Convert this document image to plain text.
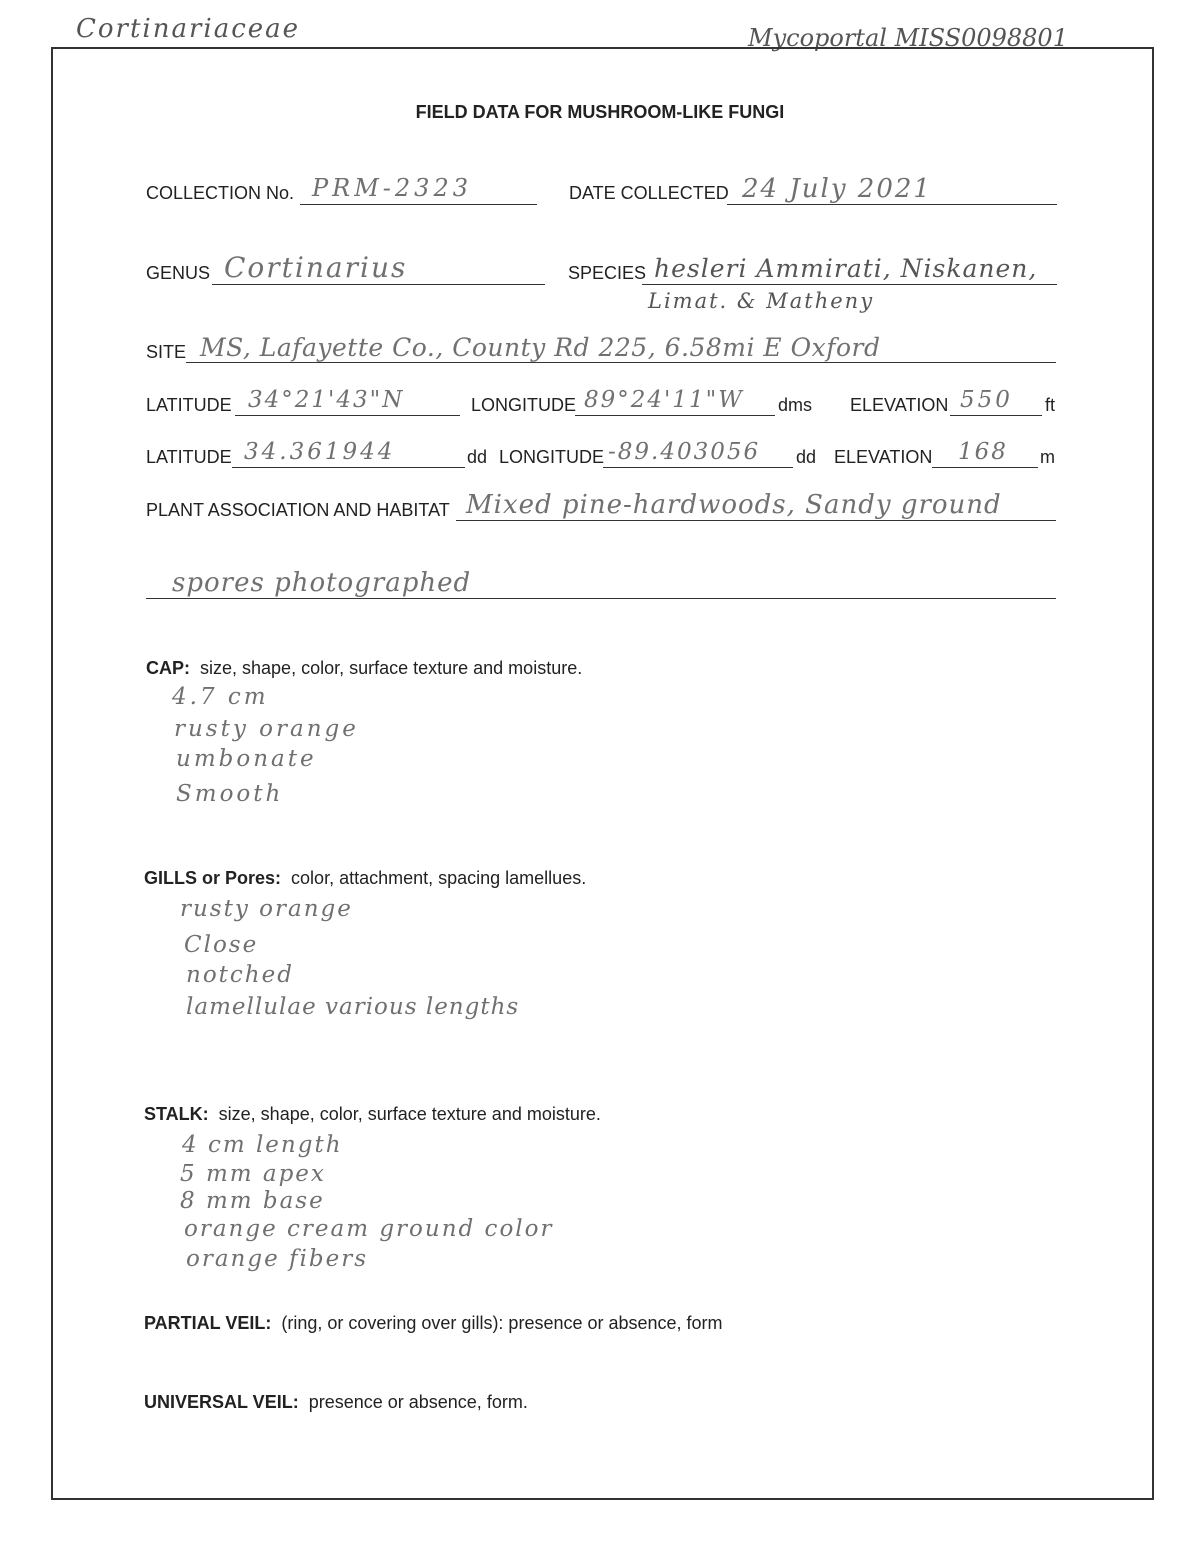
Cortinariaceae	Mycoportal MISS0098801
FIELD DATA FOR MUSHROOM-LIKE FUNGI
COLLECTION No. PRM-2323	DATE COLLECTED 24 July 2021
GENUS Cortinarius	SPECIES hesleri Ammirati, Niskanen,
Limat. & Matheny
SITE MS, Lafayette Co., County Rd 225, 6.58mi E Oxford
LATITUDE 34°21'43"N	LONGITUDE 89°24'11"W dms ELEVATION 550 ft
LATITUDE 34.361944	dd LONGITUDE -89.403056 dd ELEVATION 168 m
PLANT ASSOCIATION AND HABITAT Mixed pine-hardwoods, Sandy ground
spores photographed
CAP: size, shape, color, surface texture and moisture.
4.7 cm
rusty orange
umbonate
Smooth
GILLS or Pores: color, attachment, spacing lamellues.
rusty orange
Close
notched
lamellulae various lengths
STALK: size, shape, color, surface texture and moisture.
4 cm length
5 mm apex
8 mm base
orange cream ground color
orange fibers
PARTIAL VEIL: (ring, or covering over gills): presence or absence, form
UNIVERSAL VEIL: presence or absence, form.
